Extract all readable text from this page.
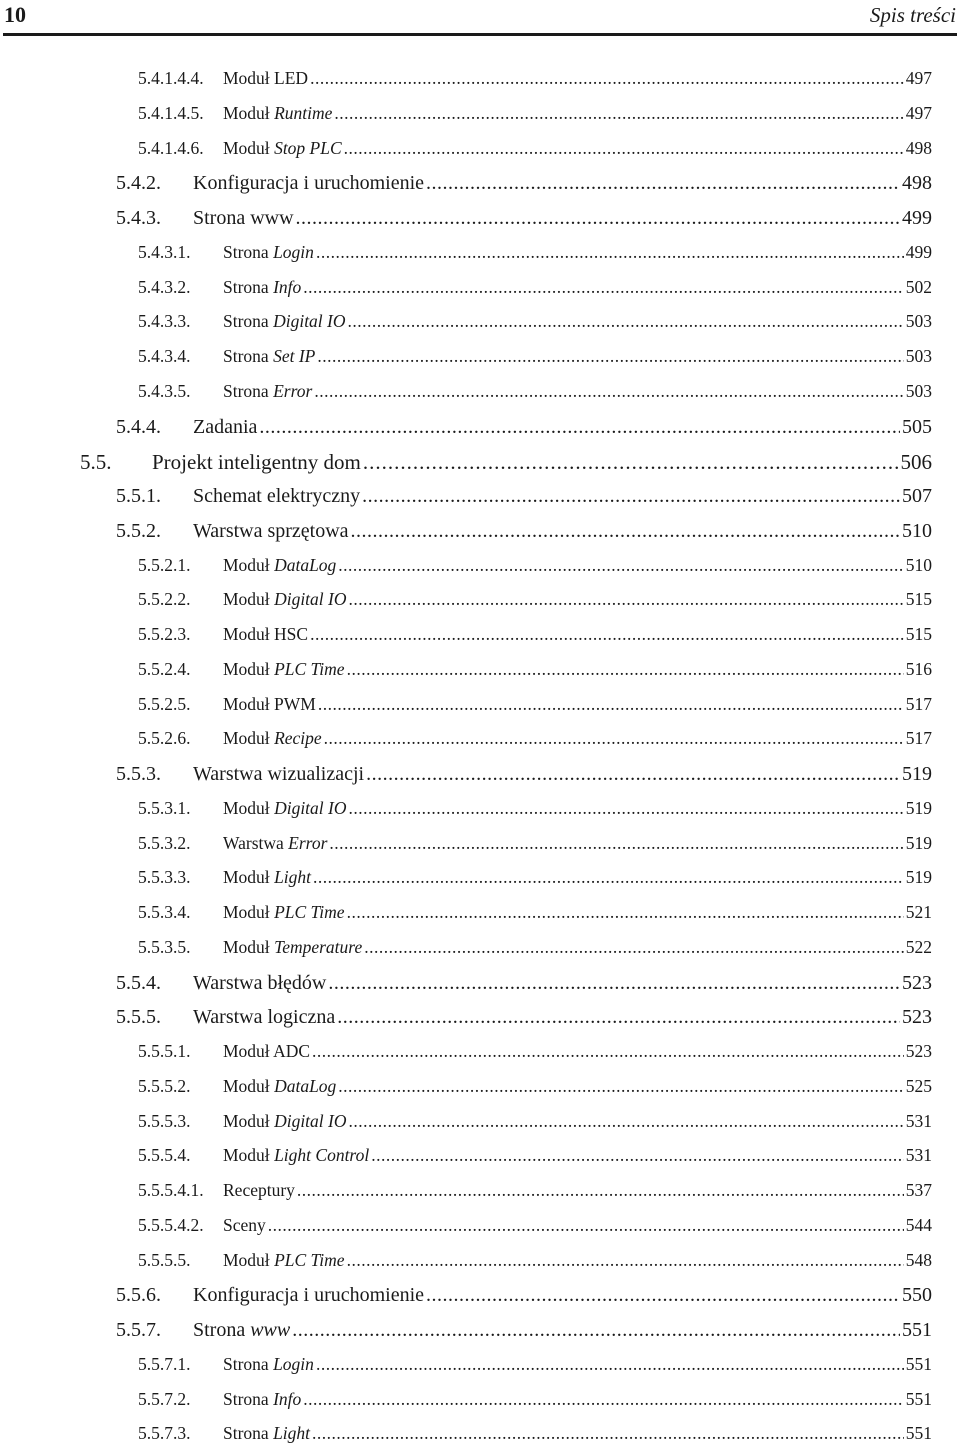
10	Spis treści
5.4.1.4.4.	Moduł LED .....	497
5.4.1.4.5.	Moduł Runtime .....	497
5.4.1.4.6.	Moduł Stop PLC .....	498
5.4.2.	Konfiguracja i uruchomienie .....	498
5.4.3.	Strona www .....	499
5.4.3.1.	Strona Login .....	499
5.4.3.2.	Strona Info .....	502
5.4.3.3.	Strona Digital IO .....	503
5.4.3.4.	Strona Set IP .....	503
5.4.3.5.	Strona Error .....	503
5.4.4.	Zadania .....	505
5.5.	Projekt inteligentny dom .....	506
5.5.1.	Schemat elektryczny .....	507
5.5.2.	Warstwa sprzętowa .....	510
5.5.2.1.	Moduł DataLog .....	510
5.5.2.2.	Moduł Digital IO .....	515
5.5.2.3.	Moduł HSC .....	515
5.5.2.4.	Moduł PLC Time .....	516
5.5.2.5.	Moduł PWM .....	517
5.5.2.6.	Moduł Recipe .....	517
5.5.3.	Warstwa wizualizacji .....	519
5.5.3.1.	Moduł Digital IO .....	519
5.5.3.2.	Warstwa Error .....	519
5.5.3.3.	Moduł Light .....	519
5.5.3.4.	Moduł PLC Time .....	521
5.5.3.5.	Moduł Temperature .....	522
5.5.4.	Warstwa błędów .....	523
5.5.5.	Warstwa logiczna .....	523
5.5.5.1.	Moduł ADC .....	523
5.5.5.2.	Moduł DataLog .....	525
5.5.5.3.	Moduł Digital IO .....	531
5.5.5.4.	Moduł Light Control .....	531
5.5.5.4.1.	Receptury .....	537
5.5.5.4.2.	Sceny .....	544
5.5.5.5.	Moduł PLC Time .....	548
5.5.6.	Konfiguracja i uruchomienie .....	550
5.5.7.	Strona www .....	551
5.5.7.1.	Strona Login .....	551
5.5.7.2.	Strona Info .....	551
5.5.7.3.	Strona Light .....	551
